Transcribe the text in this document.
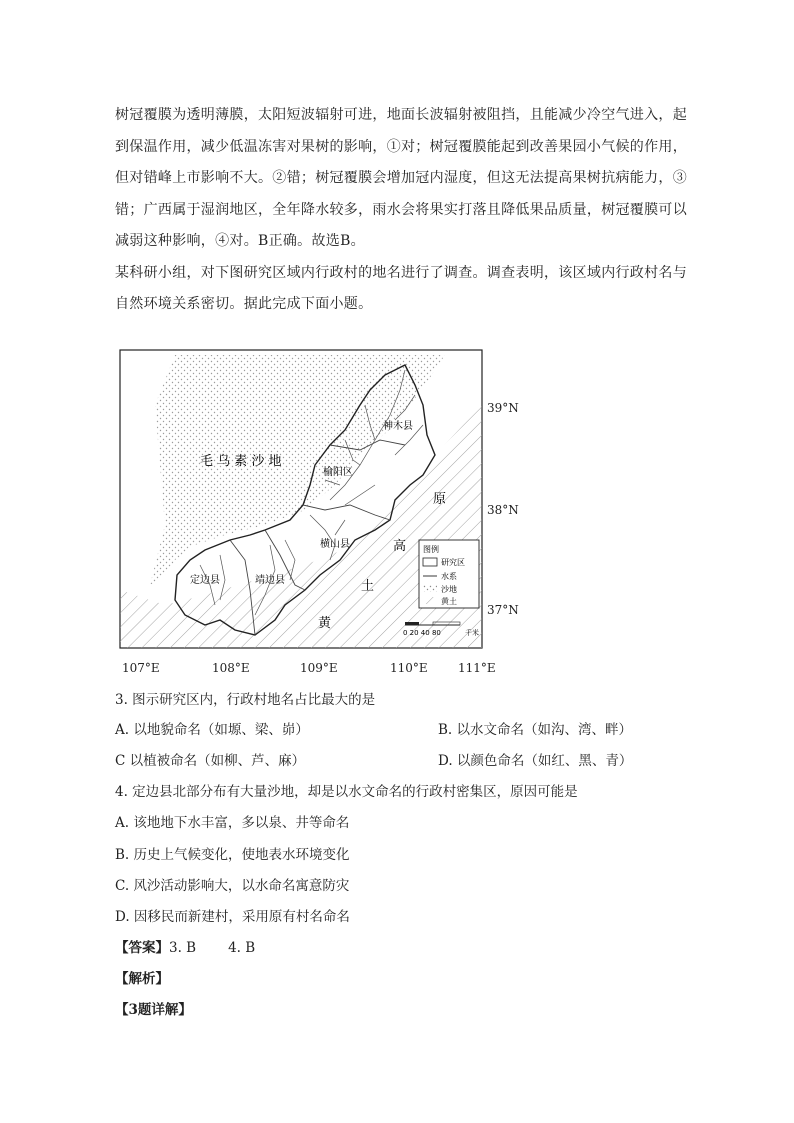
树冠覆膜为透明薄膜，太阳短波辐射可进，地面长波辐射被阻挡，且能减少冷空气进入，起
到保温作用，减少低温冻害对果树的影响，①对；树冠覆膜能起到改善果园小气候的作用，
但对错峰上市影响不大。②错；树冠覆膜会增加冠内湿度，但这无法提高果树抗病能力，③
错；广西属于湿润地区，全年降水较多，雨水会将果实打落且降低果品质量，树冠覆膜可以
减弱这种影响，④对。B正确。故选B。
某科研小组，对下图研究区域内行政村的地名进行了调查。调查表明，该区域内行政村名与
自然环境关系密切。据此完成下面小题。
图例
研究区
水系
沙地
黄土
0 20 40 80	千米
毛 乌 素 沙 地
原
高
土
黄
神木县
榆阳区
横山县
靖边县
定边县
39°N
38°N
37°N
107°E	108°E	109°E	110°E	111°E
3. 图示研究区内，行政村地名占比最大的是
A. 以地貌命名（如塬、梁、峁）	B. 以水文命名（如沟、湾、畔）
C 以植被命名（如柳、芦、麻）	D. 以颜色命名（如红、黑、青）
4. 定边县北部分布有大量沙地，却是以水文命名的行政村密集区，原因可能是
A. 该地地下水丰富，多以泉、井等命名
B. 历史上气候变化，使地表水环境变化
C. 风沙活动影响大，以水命名寓意防灾
D. 因移民而新建村，采用原有村名命名
【答案】3. B 4. B
【解析】
【3题详解】
